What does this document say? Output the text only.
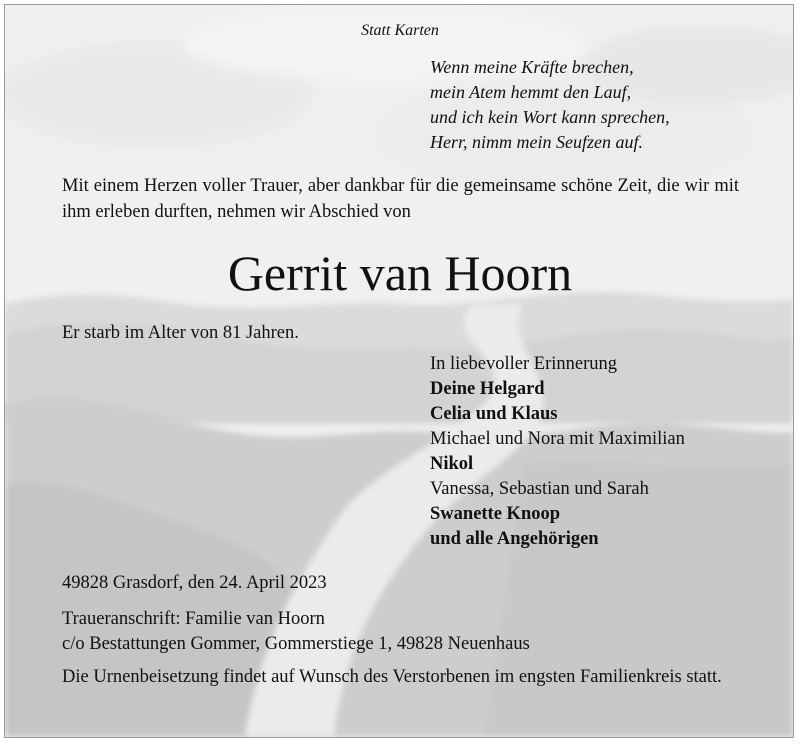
Statt Karten
Wenn meine Kräfte brechen,
mein Atem hemmt den Lauf,
und ich kein Wort kann sprechen,
Herr, nimm mein Seufzen auf.
Mit einem Herzen voller Trauer, aber dankbar für die gemeinsame schöne Zeit, die wir mit ihm erleben durften, nehmen wir Abschied von
Gerrit van Hoorn
Er starb im Alter von 81 Jahren.
In liebevoller Erinnerung
Deine Helgard
Celia und Klaus
Michael und Nora mit Maximilian
Nikol
Vanessa, Sebastian und Sarah
Swanette Knoop
und alle Angehörigen
49828 Grasdorf, den 24. April 2023
Traueranschrift: Familie van Hoorn
c/o Bestattungen Gommer, Gommerstiege 1, 49828 Neuenhaus
Die Urnenbeisetzung findet auf Wunsch des Verstorbenen im engsten Familienkreis statt.
